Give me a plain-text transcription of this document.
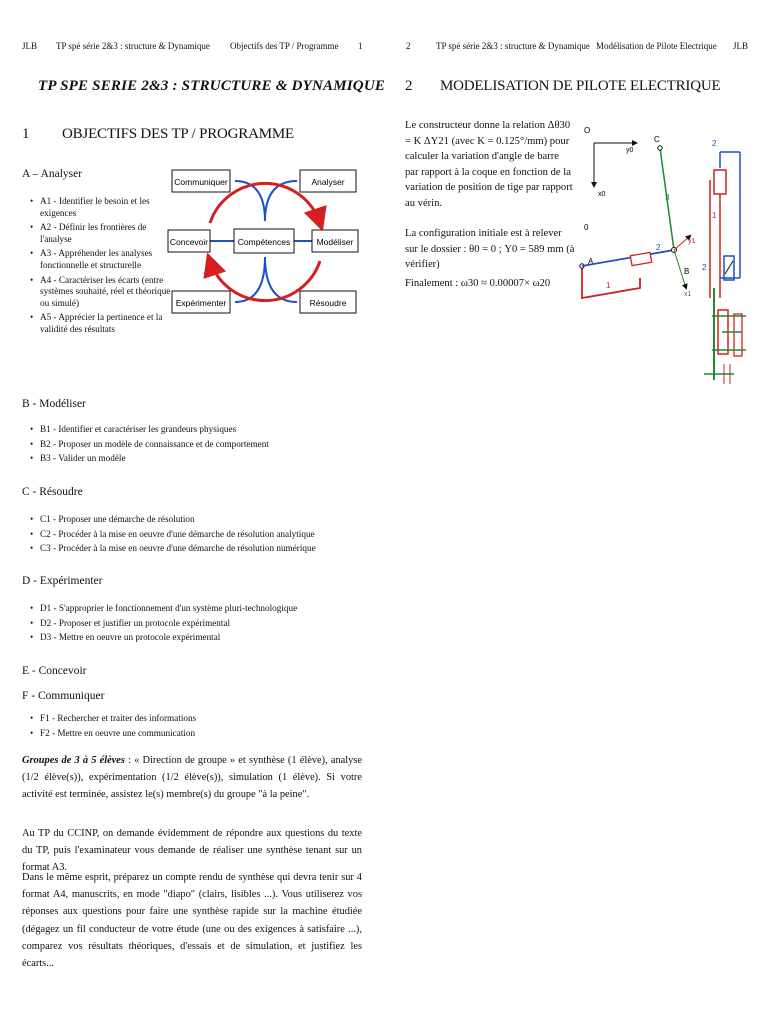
JLB TP spé série 2&3 : structure & Dynamique Objectifs des TP / Programme 1	2	TP spé série 2&3 : structure & Dynamique Modélisation de Pilote Electrique JLB
TP SPE SERIE 2&3 : STRUCTURE & DYNAMIQUE
1 OBJECTIFS DES TP / PROGRAMME
2 MODELISATION DE PILOTE ELECTRIQUE
Compétences
Communiquer	Analyser
Concevoir	Modéliser
Expérimenter	Résoudre
A – Analyser
• A1 - Identifier le besoin et les exigences
• A2 - Définir les frontières de l'analyse
• A3 - Appréhender les analyses fonctionnelle et structurelle
• A4 - Caractériser les écarts (entre systèmes souhaité, réel et théorique ou simulé)
• A5 - Apprécier la pertinence et la validité des résultats
B - Modéliser
• B1 - Identifier et caractériser les grandeurs physiques
• B2 - Proposer un modèle de connaissance et de comportement
• B3 - Valider un modèle
C - Résoudre
• C1 - Proposer une démarche de résolution
• C2 - Procéder à la mise en oeuvre d'une démarche de résolution analytique
• C3 - Procéder à la mise en oeuvre d'une démarche de résolution numérique
D - Expérimenter
• D1 - S'approprier le fonctionnement d'un système pluri-technologique
• D2 - Proposer et justifier un protocole expérimental
• D3 - Mettre en oeuvre un protocole expérimental
E - Concevoir
F - Communiquer
• F1 - Rechercher et traiter des informations
• F2 - Mettre en oeuvre une communication
Groupes de 3 à 5 élèves : « Direction de groupe » et synthèse (1 élève), analyse (1/2 élève(s)), expérimentation (1/2 élève(s)), simulation (1 élève). Si votre activité est terminée, assistez le(s) membre(s) du groupe "à la peine".
Au TP du CCINP, on demande évidemment de répondre aux questions du texte du TP, puis l'examinateur vous demande de réaliser une synthèse tenant sur un format A3.
Dans le même esprit, préparez un compte rendu de synthèse qui devra tenir sur 4 format A4, manuscrits, en mode "diapo" (clairs, lisibles ...). Vous utiliserez vos réponses aux questions pour faire une synthèse rapide sur la machine étudiée (dégagez un fil conducteur de votre étude (une ou des exigences à satisfaire ...), comparez vos résultats théoriques, d'essais et de simulation, et justifiez les écarts...
Le constructeur donne la relation Δθ30 = K ΔY21 (avec K = 0.125°/mm) pour calculer la variation d'angle de barre par rapport à la coque en fonction de la variation de position de tige par rapport au vérin.
La configuration initiale est à relever sur le dossier : θ0 = 0 ; Y0 = 589 mm (à vérifier)
Finalement : ω30 ≈ 0.00007× ω20
O
y0
x0
C
0
3
1
A
2
B
y1
x1
2
1
2
